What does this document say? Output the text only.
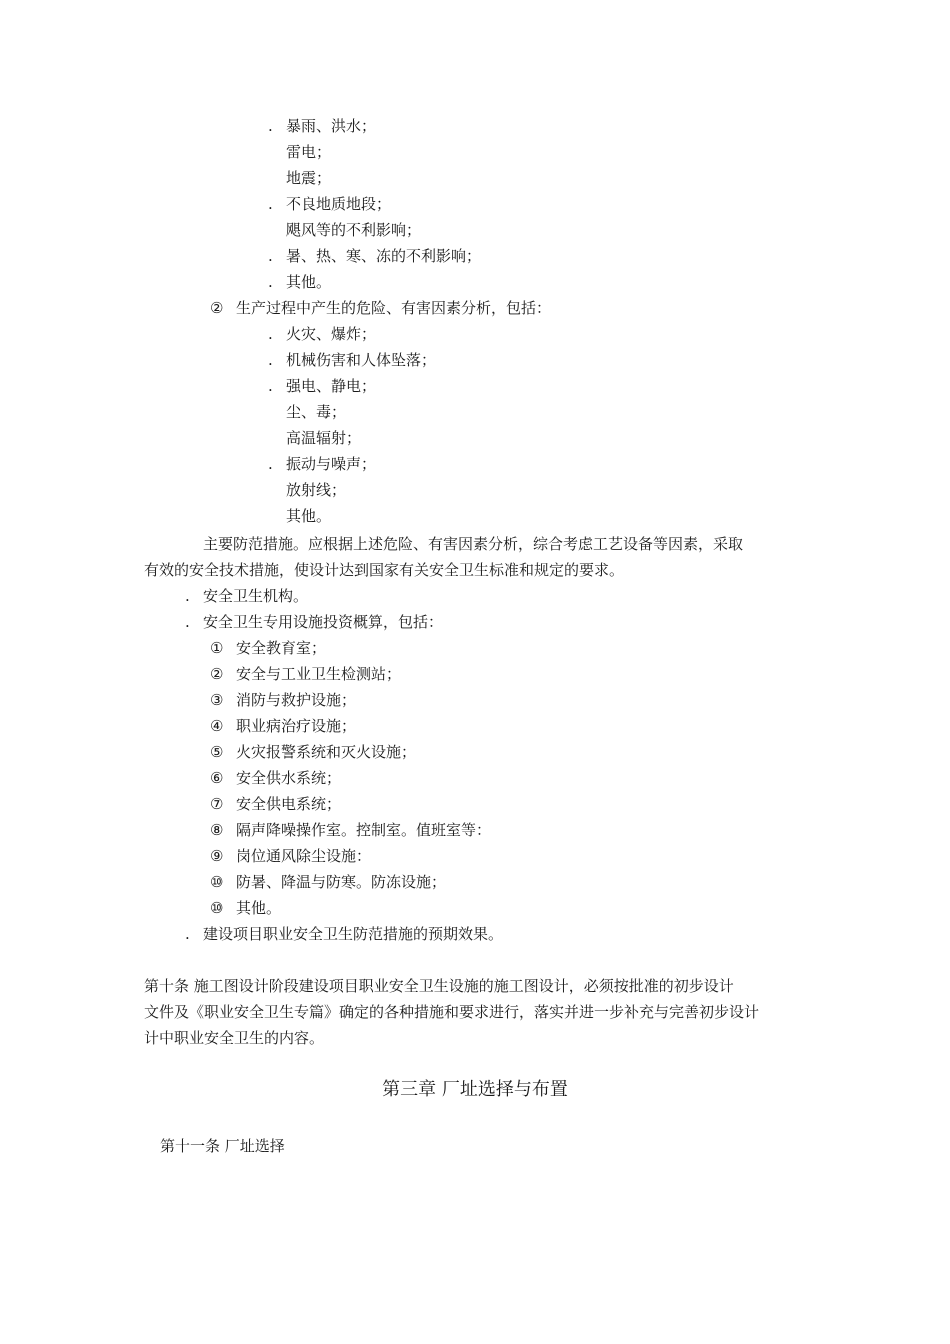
. 暴雨、洪水；
雷电；
地震；
. 不良地质地段；
飓风等的不利影响；
. 暑、热、寒、冻的不利影响；
. 其他。
② 生产过程中产生的危险、有害因素分析，包括：
. 火灾、爆炸；
. 机械伤害和人体坠落；
. 强电、静电；
尘、毒；
高温辐射；
. 振动与噪声；
放射线；
其他。
主要防范措施。应根据上述危险、有害因素分析，综合考虑工艺设备等因素，采取
有效的安全技术措施，使设计达到国家有关安全卫生标准和规定的要求。
. 安全卫生机构。
. 安全卫生专用设施投资概算，包括：
① 安全教育室；
② 安全与工业卫生检测站；
③ 消防与救护设施；
④ 职业病治疗设施；
⑤ 火灾报警系统和灭火设施；
⑥ 安全供水系统；
⑦ 安全供电系统；
⑧ 隔声降噪操作室。控制室。值班室等：
⑨ 岗位通风除尘设施：
⑩ 防暑、降温与防寒。防冻设施；
⑩ 其他。
. 建设项目职业安全卫生防范措施的预期效果。
第十条 施工图设计阶段建设项目职业安全卫生设施的施工图设计，必须按批准的初步设计
文件及《职业安全卫生专篇》确定的各种措施和要求进行，落实并进一步补充与完善初步设计
计中职业安全卫生的内容。
第三章 厂址选择与布置
第十一条 厂址选择
